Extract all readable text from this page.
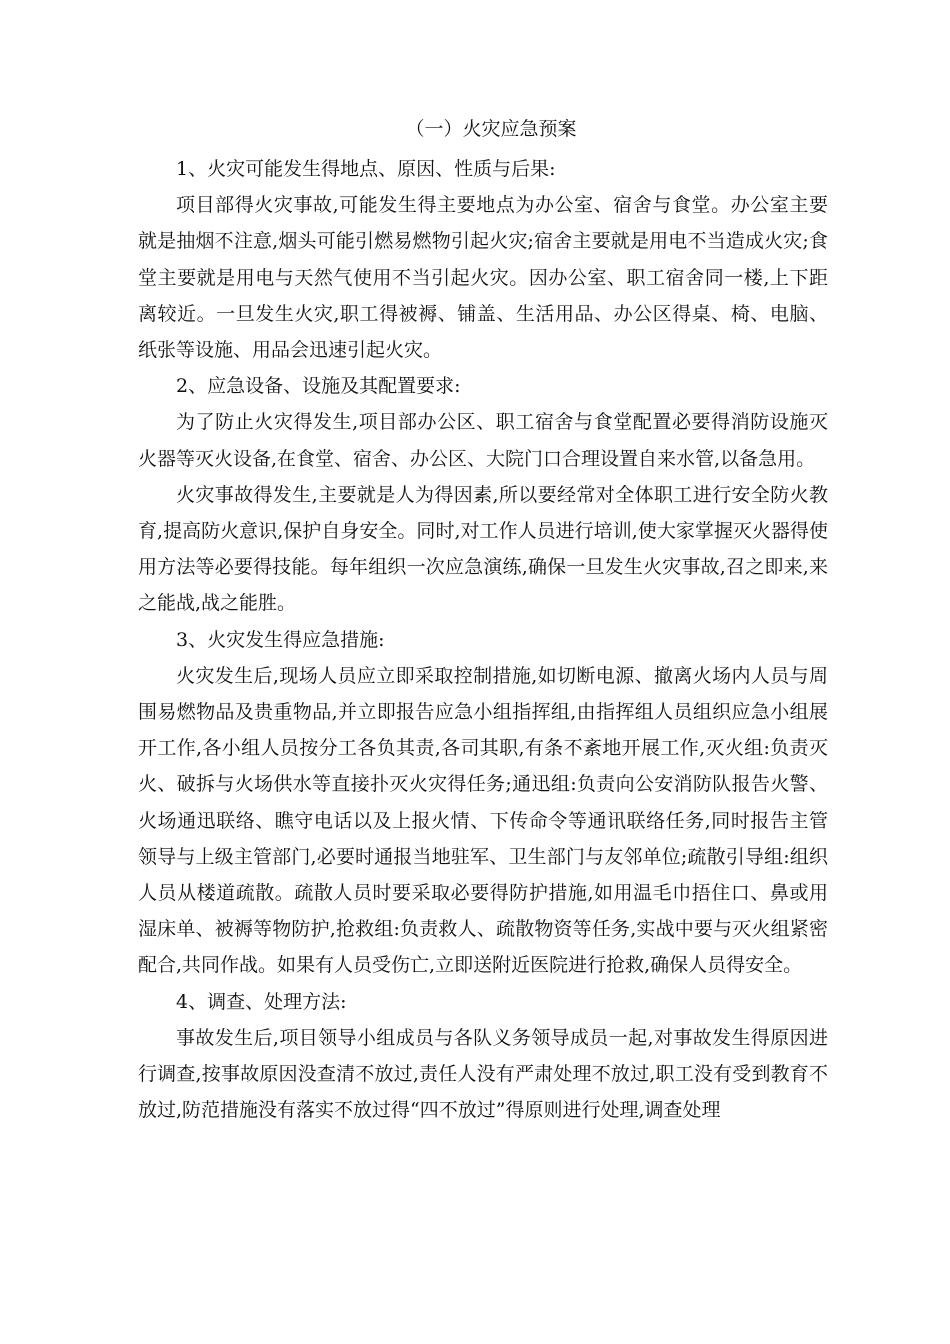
（一）火灾应急预案

1、火灾可能发生得地点、原因、性质与后果:

项目部得火灾事故,可能发生得主要地点为办公室、宿舍与食堂。办公室主要就是抽烟不注意,烟头可能引燃易燃物引起火灾;宿舍主要就是用电不当造成火灾;食堂主要就是用电与天然气使用不当引起火灾。因办公室、职工宿舍同一楼,上下距离较近。一旦发生火灾,职工得被褥、铺盖、生活用品、办公区得桌、椅、电脑、纸张等设施、用品会迅速引起火灾。

2、应急设备、设施及其配置要求:

为了防止火灾得发生,项目部办公区、职工宿舍与食堂配置必要得消防设施灭火器等灭火设备,在食堂、宿舍、办公区、大院门口合理设置自来水管,以备急用。

火灾事故得发生,主要就是人为得因素,所以要经常对全体职工进行安全防火教育,提高防火意识,保护自身安全。同时,对工作人员进行培训,使大家掌握灭火器得使用方法等必要得技能。每年组织一次应急演练,确保一旦发生火灾事故,召之即来,来之能战,战之能胜。

3、火灾发生得应急措施:

火灾发生后,现场人员应立即采取控制措施,如切断电源、撤离火场内人员与周围易燃物品及贵重物品,并立即报告应急小组指挥组,由指挥组人员组织应急小组展开工作,各小组人员按分工各负其责,各司其职,有条不紊地开展工作,灭火组:负责灭火、破拆与火场供水等直接扑灭火灾得任务;通迅组:负责向公安消防队报告火警、火场通迅联络、瞧守电话以及上报火情、下传命令等通讯联络任务,同时报告主管领导与上级主管部门,必要时通报当地驻军、卫生部门与友邻单位;疏散引导组:组织人员从楼道疏散。疏散人员时要采取必要得防护措施,如用温毛巾捂住口、鼻或用湿床单、被褥等物防护,抢救组:负责救人、疏散物资等任务,实战中要与灭火组紧密配合,共同作战。如果有人员受伤亡,立即送附近医院进行抢救,确保人员得安全。

4、调查、处理方法:

事故发生后,项目领导小组成员与各队义务领导成员一起,对事故发生得原因进行调查,按事故原因没查清不放过,责任人没有严肃处理不放过,职工没有受到教育不放过,防范措施没有落实不放过得“四不放过”得原则进行处理,调查处理
